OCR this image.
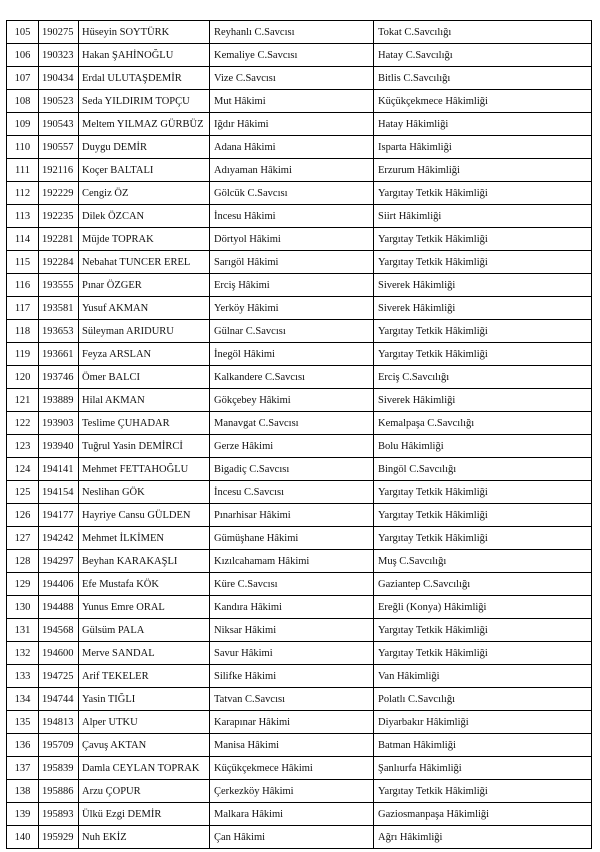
105	190275	Hüseyin SOYTÜRK	Reyhanlı C.Savcısı	Tokat C.Savcılığı
106	190323	Hakan ŞAHİNOĞLU	Kemaliye C.Savcısı	Hatay C.Savcılığı
107	190434	Erdal ULUTAŞDEMİR	Vize C.Savcısı	Bitlis C.Savcılığı
108	190523	Seda YILDIRIM TOPÇU	Mut Hâkimi	Küçükçekmece Hâkimliği
109	190543	Meltem YILMAZ GÜRBÜZ	Iğdır Hâkimi	Hatay Hâkimliği
110	190557	Duygu DEMİR	Adana Hâkimi	Isparta Hâkimliği
111	192116	Koçer BALTALI	Adıyaman Hâkimi	Erzurum Hâkimliği
112	192229	Cengiz ÖZ	Gölcük C.Savcısı	Yargıtay Tetkik Hâkimliği
113	192235	Dilek ÖZCAN	İncesu Hâkimi	Siirt Hâkimliği
114	192281	Müjde TOPRAK	Dörtyol Hâkimi	Yargıtay Tetkik Hâkimliği
115	192284	Nebahat TUNCER EREL	Sarıgöl Hâkimi	Yargıtay Tetkik Hâkimliği
116	193555	Pınar ÖZGER	Erciş Hâkimi	Siverek Hâkimliği
117	193581	Yusuf AKMAN	Yerköy Hâkimi	Siverek Hâkimliği
118	193653	Süleyman ARIDURU	Gülnar C.Savcısı	Yargıtay Tetkik Hâkimliği
119	193661	Feyza ARSLAN	İnegöl Hâkimi	Yargıtay Tetkik Hâkimliği
120	193746	Ömer BALCI	Kalkandere C.Savcısı	Erciş C.Savcılığı
121	193889	Hilal AKMAN	Gökçebey Hâkimi	Siverek Hâkimliği
122	193903	Teslime ÇUHADAR	Manavgat C.Savcısı	Kemalpaşa C.Savcılığı
123	193940	Tuğrul Yasin DEMİRCİ	Gerze Hâkimi	Bolu Hâkimliği
124	194141	Mehmet FETTAHOĞLU	Bigadiç C.Savcısı	Bingöl C.Savcılığı
125	194154	Neslihan GÖK	İncesu C.Savcısı	Yargıtay Tetkik Hâkimliği
126	194177	Hayriye Cansu GÜLDEN	Pınarhisar Hâkimi	Yargıtay Tetkik Hâkimliği
127	194242	Mehmet İLKİMEN	Gümüşhane Hâkimi	Yargıtay Tetkik Hâkimliği
128	194297	Beyhan KARAKAŞLI	Kızılcahamam Hâkimi	Muş C.Savcılığı
129	194406	Efe Mustafa KÖK	Küre C.Savcısı	Gaziantep C.Savcılığı
130	194488	Yunus Emre ORAL	Kandıra Hâkimi	Ereğli (Konya) Hâkimliği
131	194568	Gülsüm PALA	Niksar Hâkimi	Yargıtay Tetkik Hâkimliği
132	194600	Merve SANDAL	Savur Hâkimi	Yargıtay Tetkik Hâkimliği
133	194725	Arif TEKELER	Silifke Hâkimi	Van Hâkimliği
134	194744	Yasin TIĞLI	Tatvan C.Savcısı	Polatlı C.Savcılığı
135	194813	Alper UTKU	Karapınar Hâkimi	Diyarbakır Hâkimliği
136	195709	Çavuş AKTAN	Manisa Hâkimi	Batman Hâkimliği
137	195839	Damla CEYLAN TOPRAK	Küçükçekmece Hâkimi	Şanlıurfa Hâkimliği
138	195886	Arzu ÇOPUR	Çerkezköy Hâkimi	Yargıtay Tetkik Hâkimliği
139	195893	Ülkü Ezgi DEMİR	Malkara Hâkimi	Gaziosmanpaşa Hâkimliği
140	195929	Nuh EKİZ	Çan Hâkimi	Ağrı Hâkimliği
